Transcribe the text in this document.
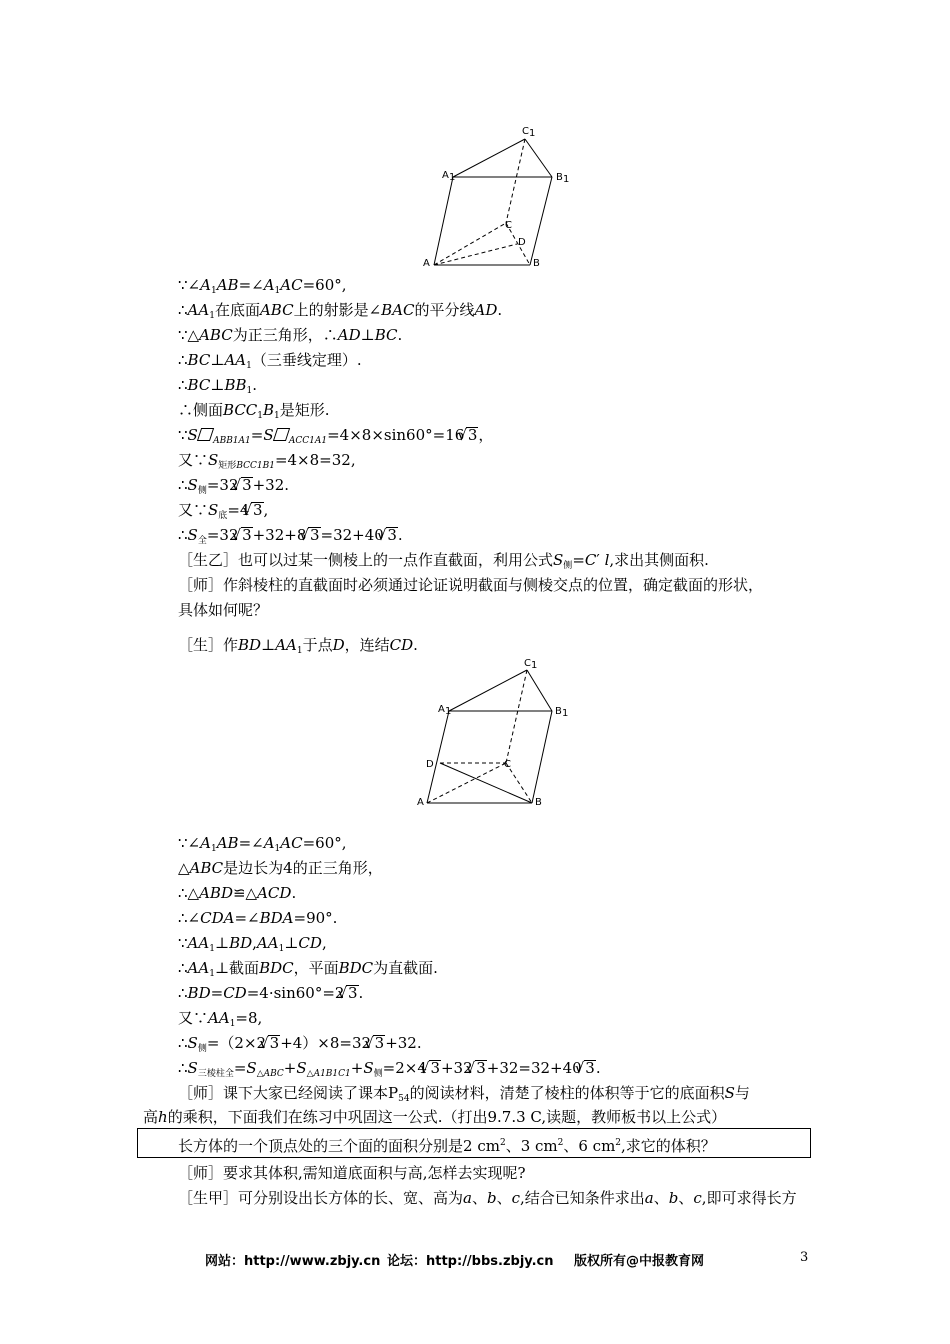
A 1	B 1
C 1
A	B
C
D
$\because\angle A_1AB=\angle A_1AC=60^\circ$,
$\therefore AA_1$在底面ABC上的射影是∠BAC的平分线AD.
∵△ABC为正三角形，∴AD⊥BC.
$\therefore BC\perp AA_1$（三垂线定理）.
$\therefore BC\perp BB_1$.
∴侧面$BCC_1B_1$是矩形.
∵S $_{ABB1A1}$=S $_{ACC1A1}$=4×8×sin60°=16√ 3，
又$\because S_{矩形BCC1B1}=4\times 8=32$,
$\therefore S_侧=32√$ 3+32.
又$\because S_底=4√$ 3,
$\therefore S_全=32√$ 3+32+8√ 3=32+40√ 3.
［生乙］也可以过某一侧棱上的一点作直截面，利用公式$S_侧=C'$ l,求出其侧面积.
［师］作斜棱柱的直截面时必须通过论证说明截面与侧棱交点的位置，确定截面的形状，
具体如何呢？
［生］作$BD\perp AA_1$于点D，连结CD.
A 1	B 1
C 1
A	B
C
D
$\because\angle A_1AB=\angle A_1AC=60^\circ$,
△ABC是边长为4的正三角形，
∴△ABD≌△ACD.
∴∠CDA=∠BDA=90°.
$\because AA_1\perp BD,AA_1\perp CD$,
$\therefore AA_1\perp$截面BDC，平面BDC为直截面.
∴BD=CD=4·sin60°=2√ 3.
又$\because AA_1=8$,
$\therefore S_侧=(2\times 2√$ 3+4）×8=32√ 3+32.
$\therefore S_{三棱柱全}=S_{\triangle ABC}+S_{\triangle A1B1C1}+S_侧=2\times 4√$ 3+32√ 3+32=32+40√ 3.
［师］课下大家已经阅读了课本$P_{54}$的阅读材料，清楚了棱柱的体积等于它的底面积S与
高h的乘积，下面我们在练习中巩固这一公式.（打出9.7.3 C,读题，教师板书以上公式）
长方体的一个顶点处的三个面的面积分别是2 $cm^2$、3 $cm^2$、6 $cm^2$,求它的体积？
［师］要求其体积,需知道底面积与高,怎样去实现呢?
［生甲］可分别设出长方体的长、宽、高为a、b、c,结合已知条件求出a、b、c,即可求得长方
网站：http://www.zbjy.cn 论坛：http://bbs.zbjy.cn 版权所有@中报教育网	3
